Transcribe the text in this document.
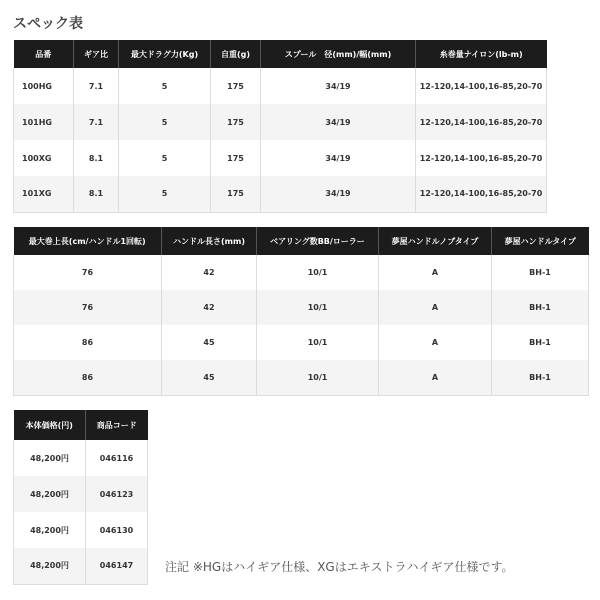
スペック表
品番	ギア比	最大ドラグ力(Kg)	自重(g)	スプール　径(mm)/幅(mm)	糸巻量ナイロン(lb-m)
100HG	7.1	5	175	34/19	12-120,14-100,16-85,20-70
101HG	7.1	5	175	34/19	12-120,14-100,16-85,20-70
100XG	8.1	5	175	34/19	12-120,14-100,16-85,20-70
101XG	8.1	5	175	34/19	12-120,14-100,16-85,20-70
最大巻上長(cm/ハンドル1回転)	ハンドル長さ(mm)	ベアリング数BB/ローラー	夢屋ハンドルノブタイプ	夢屋ハンドルタイプ
76	42	10/1	A	BH-1
76	42	10/1	A	BH-1
86	45	10/1	A	BH-1
86	45	10/1	A	BH-1
本体価格(円)	商品コード
48,200円	046116
48,200円	046123
48,200円	046130
48,200円	046147	注記 ※HGはハイギア仕様、XGはエキストラハイギア仕様です。
